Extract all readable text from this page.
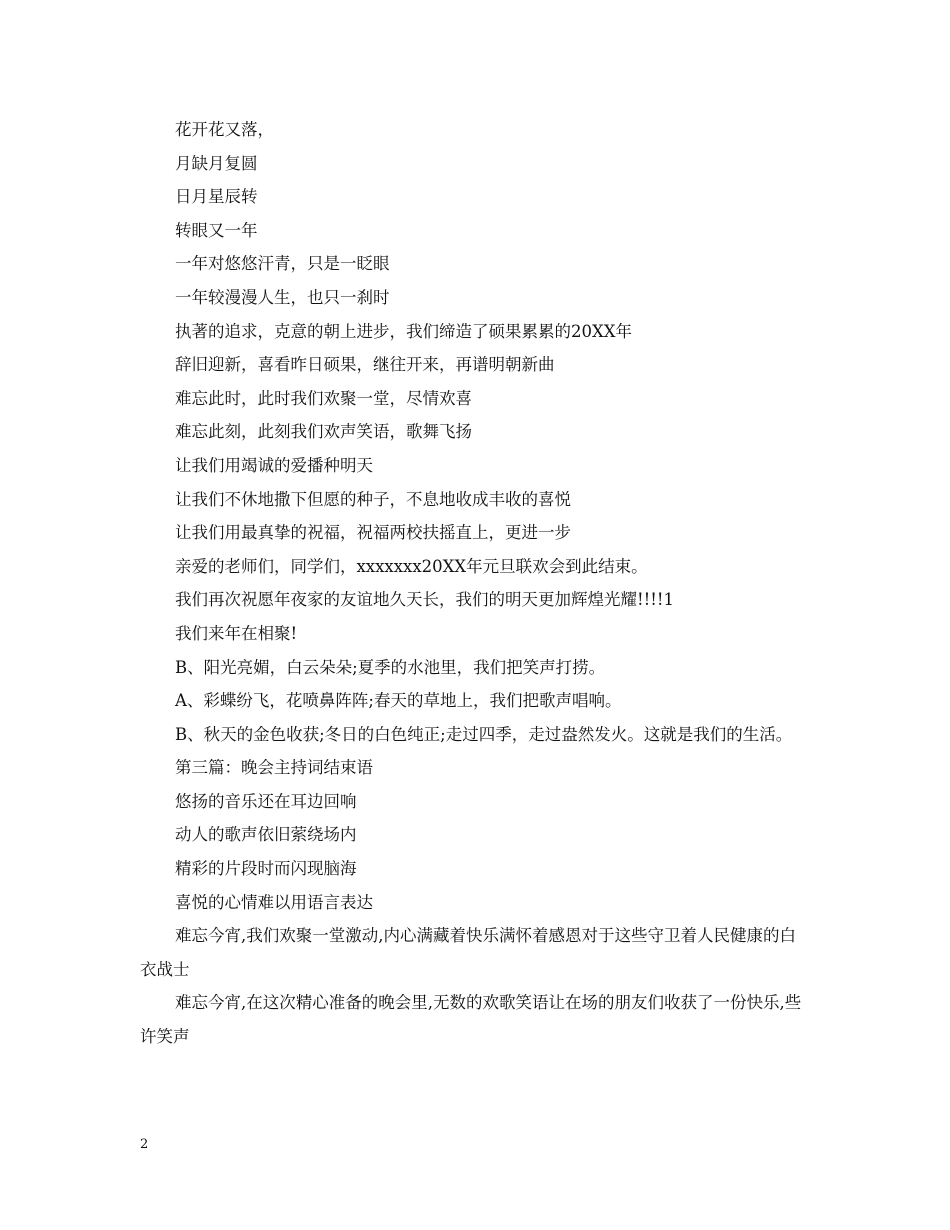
花开花又落，

月缺月复圆

日月星辰转

转眼又一年

一年对悠悠汗青，只是一眨眼

一年较漫漫人生，也只一刹时

执著的追求，克意的朝上进步，我们缔造了硕果累累的20XX年

辞旧迎新，喜看昨日硕果，继往开来，再谱明朝新曲

难忘此时，此时我们欢聚一堂，尽情欢喜

难忘此刻，此刻我们欢声笑语，歌舞飞扬

让我们用竭诚的爱播种明天

让我们不休地撒下但愿的种子，不息地收成丰收的喜悦

让我们用最真挚的祝福，祝福两校扶摇直上，更进一步

亲爱的老师们，同学们，xxxxxxx20XX年元旦联欢会到此结束。

我们再次祝愿年夜家的友谊地久天长，我们的明天更加辉煌光耀!!!!1

我们来年在相聚!

B、阳光亮媚，白云朵朵;夏季的水池里，我们把笑声打捞。

A、彩蝶纷飞，花喷鼻阵阵;春天的草地上，我们把歌声唱响。

B、秋天的金色收获;冬日的白色纯正;走过四季，走过盎然发火。这就是我们的生活。

第三篇：晚会主持词结束语

悠扬的音乐还在耳边回响

动人的歌声依旧萦绕场内

精彩的片段时而闪现脑海

喜悦的心情难以用语言表达

难忘今宵,我们欢聚一堂激动,内心满藏着快乐满怀着感恩对于这些守卫着人民健康的白衣战士

难忘今宵,在这次精心准备的晚会里,无数的欢歌笑语让在场的朋友们收获了一份快乐,些许笑声

2
